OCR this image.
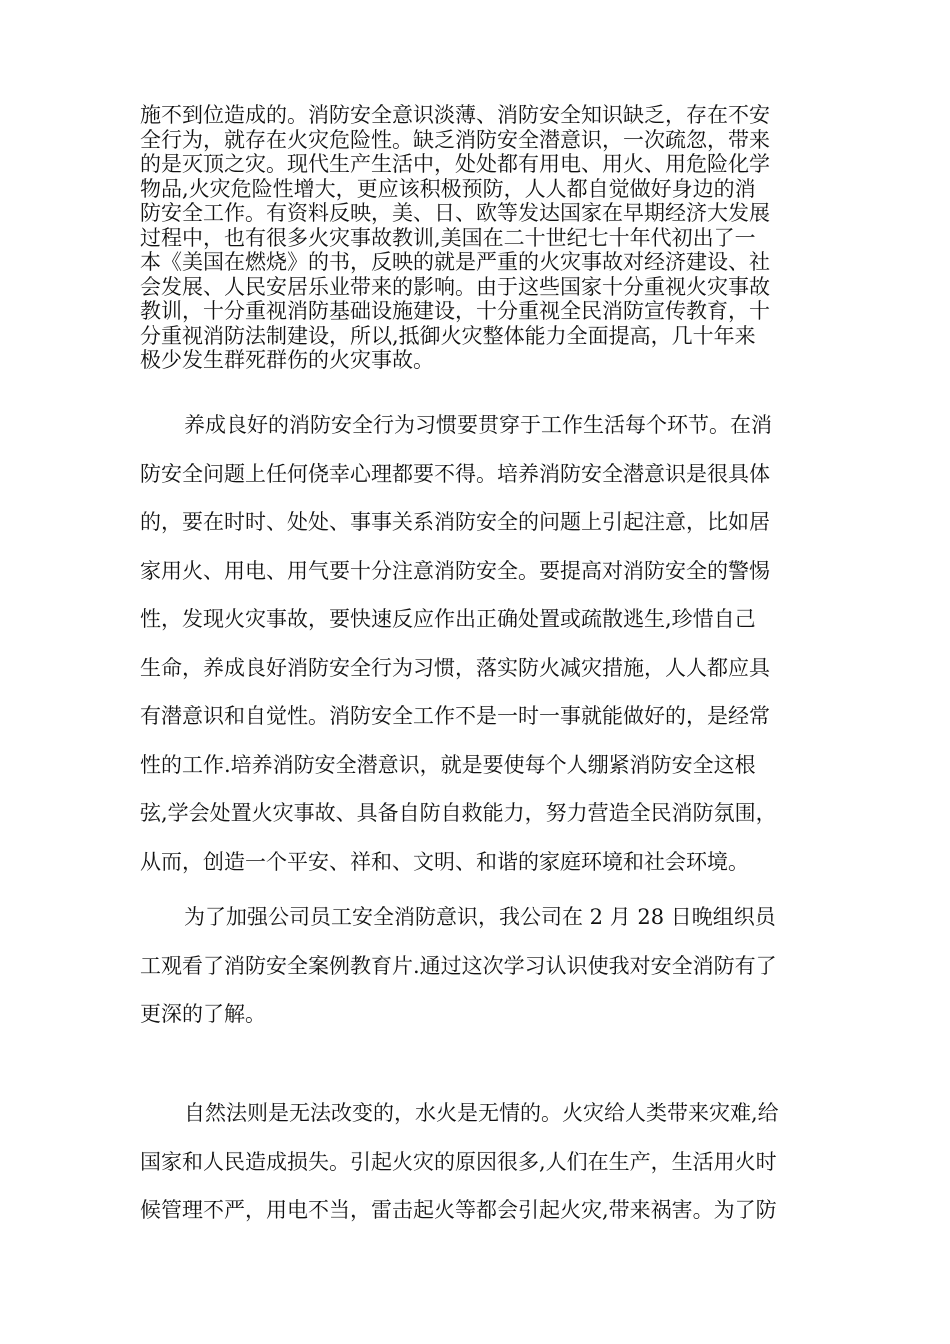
施不到位造成的。消防安全意识淡薄、消防安全知识缺乏，存在不安
全行为，就存在火灾危险性。缺乏消防安全潜意识，一次疏忽，带来
的是灭顶之灾。现代生产生活中，处处都有用电、用火、用危险化学
物品,火灾危险性增大，更应该积极预防，人人都自觉做好身边的消
防安全工作。有资料反映，美、日、欧等发达国家在早期经济大发展
过程中，也有很多火灾事故教训,美国在二十世纪七十年代初出了一
本《美国在燃烧》的书，反映的就是严重的火灾事故对经济建设、社
会发展、人民安居乐业带来的影响。由于这些国家十分重视火灾事故
教训，十分重视消防基础设施建设，十分重视全民消防宣传教育，十
分重视消防法制建设，所以,抵御火灾整体能力全面提高，几十年来
极少发生群死群伤的火灾事故。
养成良好的消防安全行为习惯要贯穿于工作生活每个环节。在消
防安全问题上任何侥幸心理都要不得。培养消防安全潜意识是很具体
的，要在时时、处处、事事关系消防安全的问题上引起注意，比如居
家用火、用电、用气要十分注意消防安全。要提高对消防安全的警惕
性，发现火灾事故，要快速反应作出正确处置或疏散逃生,珍惜自己
生命，养成良好消防安全行为习惯，落实防火减灾措施，人人都应具
有潜意识和自觉性。消防安全工作不是一时一事就能做好的，是经常
性的工作.培养消防安全潜意识，就是要使每个人绷紧消防安全这根
弦,学会处置火灾事故、具备自防自救能力，努力营造全民消防氛围，
从而，创造一个平安、祥和、文明、和谐的家庭环境和社会环境。
为了加强公司员工安全消防意识，我公司在 2 月 28 日晚组织员
工观看了消防安全案例教育片.通过这次学习认识使我对安全消防有了
更深的了解。
自然法则是无法改变的，水火是无情的。火灾给人类带来灾难,给
国家和人民造成损失。引起火灾的原因很多,人们在生产，生活用火时
候管理不严，用电不当，雷击起火等都会引起火灾,带来祸害。为了防
